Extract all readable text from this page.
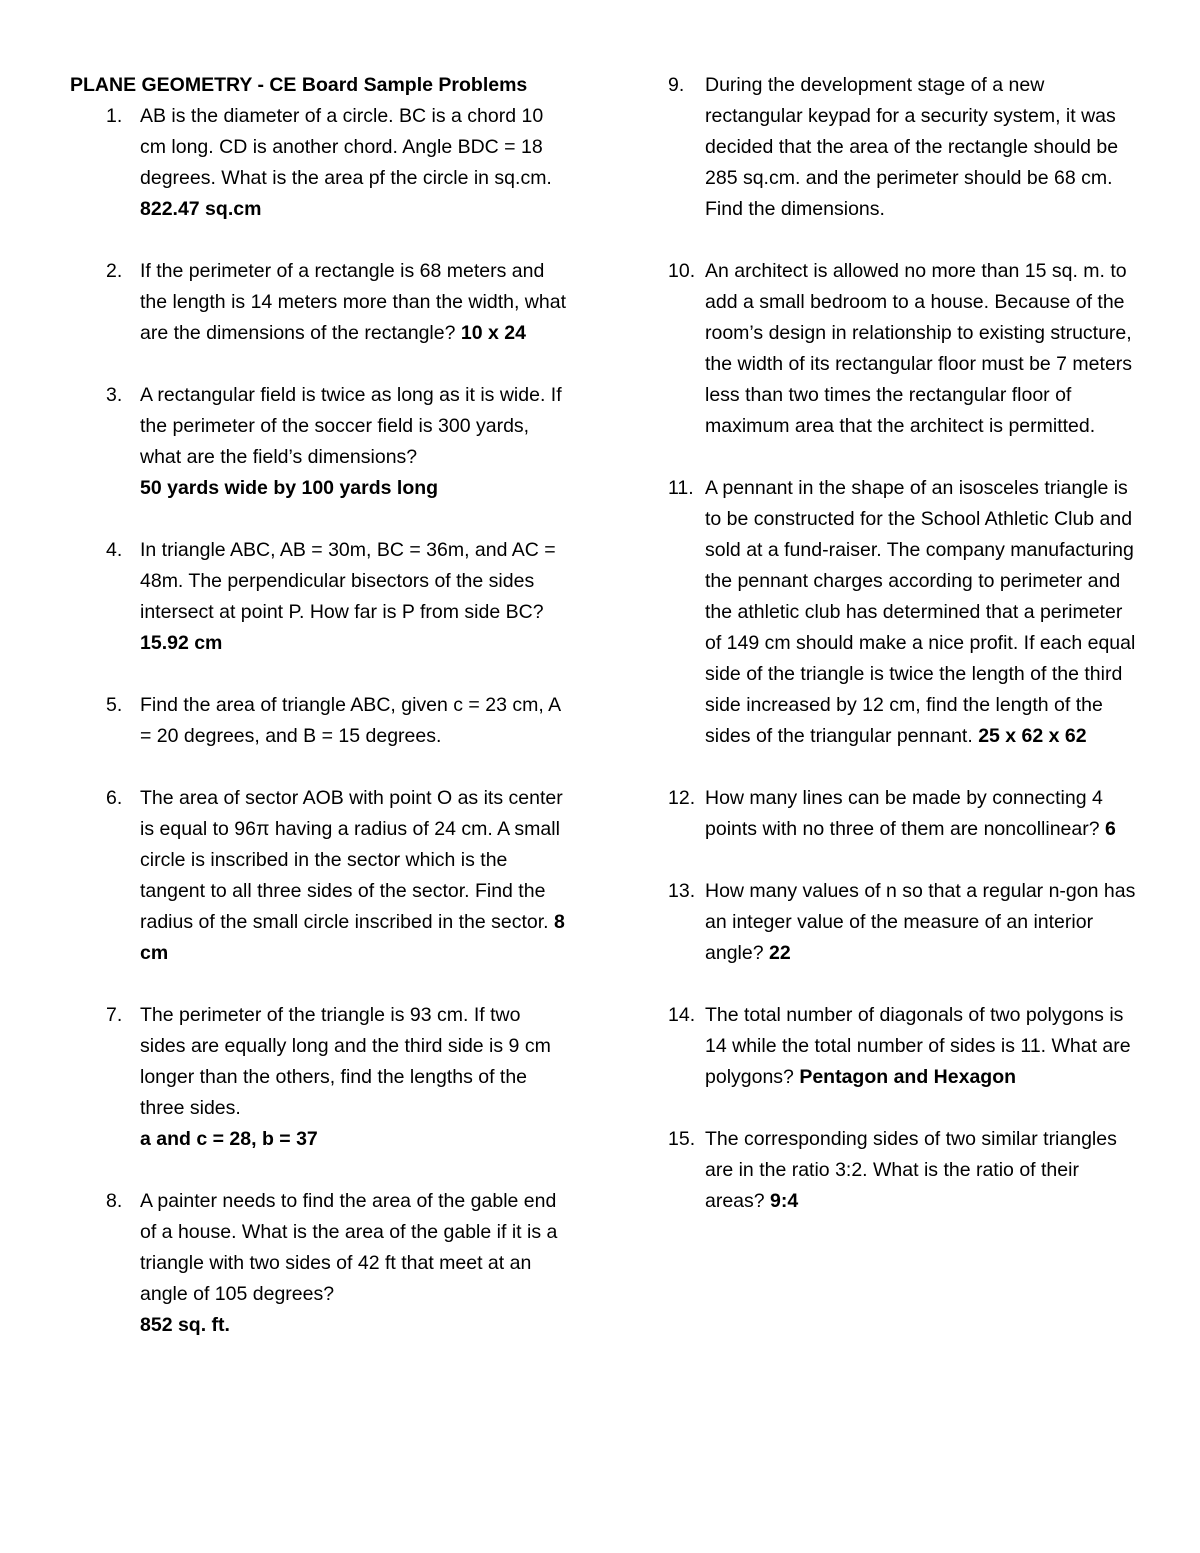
PLANE GEOMETRY - CE Board Sample Problems
1. AB is the diameter of a circle. BC is a chord 10 cm long. CD is another chord. Angle BDC = 18 degrees. What is the area pf the circle in sq.cm. 822.47 sq.cm
2. If the perimeter of a rectangle is 68 meters and the length is 14 meters more than the width, what are the dimensions of the rectangle? 10 x 24
3. A rectangular field is twice as long as it is wide. If the perimeter of the soccer field is 300 yards, what are the field’s dimensions?
50 yards wide by 100 yards long
4. In triangle ABC, AB = 30m, BC = 36m, and AC = 48m. The perpendicular bisectors of the sides intersect at point P. How far is P from side BC? 15.92 cm
5. Find the area of triangle ABC, given c = 23 cm, A = 20 degrees, and B = 15 degrees.
6. The area of sector AOB with point O as its center is equal to 96π having a radius of 24 cm. A small circle is inscribed in the sector which is the tangent to all three sides of the sector. Find the radius of the small circle inscribed in the sector. 8 cm
7. The perimeter of the triangle is 93 cm. If two sides are equally long and the third side is 9 cm longer than the others, find the lengths of the three sides.
a and c = 28, b = 37
8. A painter needs to find the area of the gable end of a house. What is the area of the gable if it is a triangle with two sides of 42 ft that meet at an angle of 105 degrees?
852 sq. ft.
9. During the development stage of a new rectangular keypad for a security system, it was decided that the area of the rectangle should be 285 sq.cm. and the perimeter should be 68 cm. Find the dimensions.
10. An architect is allowed no more than 15 sq. m. to add a small bedroom to a house. Because of the room’s design in relationship to existing structure, the width of its rectangular floor must be 7 meters less than two times the rectangular floor of maximum area that the architect is permitted.
11. A pennant in the shape of an isosceles triangle is to be constructed for the School Athletic Club and sold at a fund-raiser. The company manufacturing the pennant charges according to perimeter and the athletic club has determined that a perimeter of 149 cm should make a nice profit. If each equal side of the triangle is twice the length of the third side increased by 12 cm, find the length of the sides of the triangular pennant. 25 x 62 x 62
12. How many lines can be made by connecting 4 points with no three of them are noncollinear? 6
13. How many values of n so that a regular n-gon has an integer value of the measure of an interior angle? 22
14. The total number of diagonals of two polygons is 14 while the total number of sides is 11. What are polygons? Pentagon and Hexagon
15. The corresponding sides of two similar triangles are in the ratio 3:2. What is the ratio of their areas? 9:4
